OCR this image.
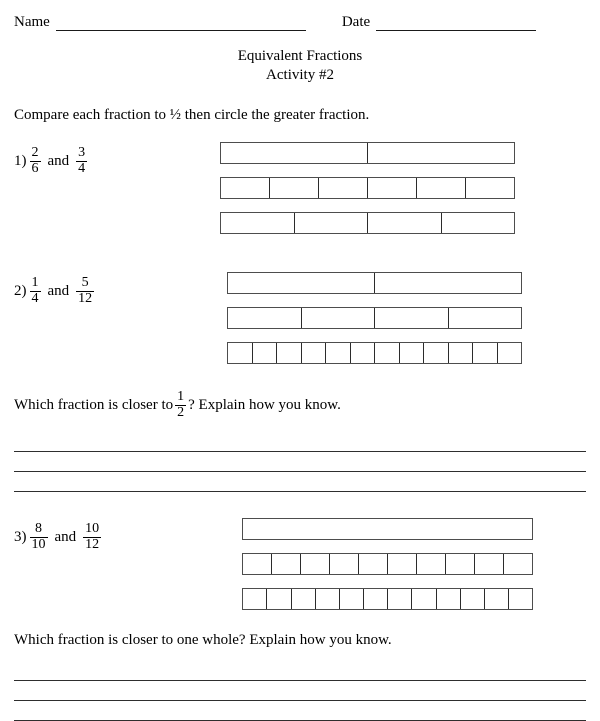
Name	Date
Equivalent Fractions
Activity #2
Compare each fraction to ½ then circle the greater fraction.
$1) \frac{2}{6}$ and $\frac{3}{4}$
$2) \frac{1}{4}$ and $\frac{5}{12}$
Which fraction is closer to $\frac{1}{2}$ ? Explain how you know.
$3) \frac{8}{10}$ and $\frac{10}{12}$
Which fraction is closer to one whole? Explain how you know.
